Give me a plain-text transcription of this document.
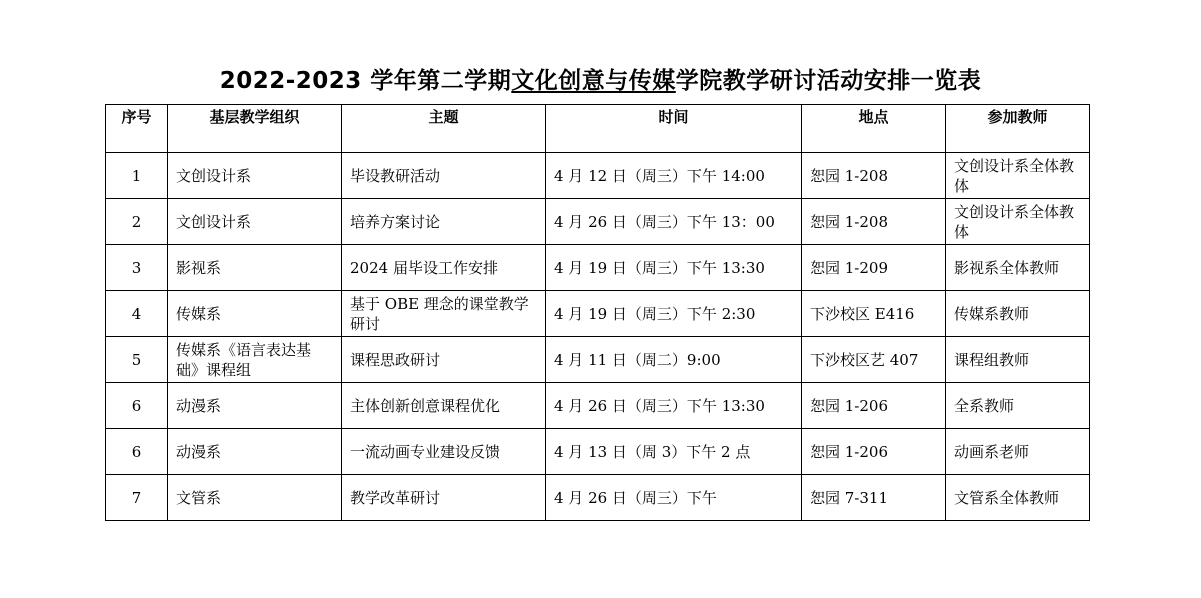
2022-2023 学年第二学期文化创意与传媒学院教学研讨活动安排一览表
序号	基层教学组织	主题	时间	地点	参加教师
1	文创设计系	毕设教研活动	4 月 12 日（周三）下午 14:00	恕园 1-208	文创设计系全体教体
2	文创设计系	培养方案讨论	4 月 26 日（周三）下午 13：00	恕园 1-208	文创设计系全体教体
3	影视系	2024 届毕设工作安排	4 月 19 日（周三）下午 13:30	恕园 1-209	影视系全体教师
4	传媒系	基于 OBE 理念的课堂教学研讨	4 月 19 日（周三）下午 2:30	下沙校区 E416	传媒系教师
5	传媒系《语言表达基础》课程组	课程思政研讨	4 月 11 日（周二）9:00	下沙校区艺 407	课程组教师
6	动漫系	主体创新创意课程优化	4 月 26 日（周三）下午 13:30	恕园 1-206	全系教师
6	动漫系	一流动画专业建设反馈	4 月 13 日（周 3）下午 2 点	恕园 1-206	动画系老师
7	文管系	教学改革研讨	4 月 26 日（周三）下午	恕园 7-311	文管系全体教师
